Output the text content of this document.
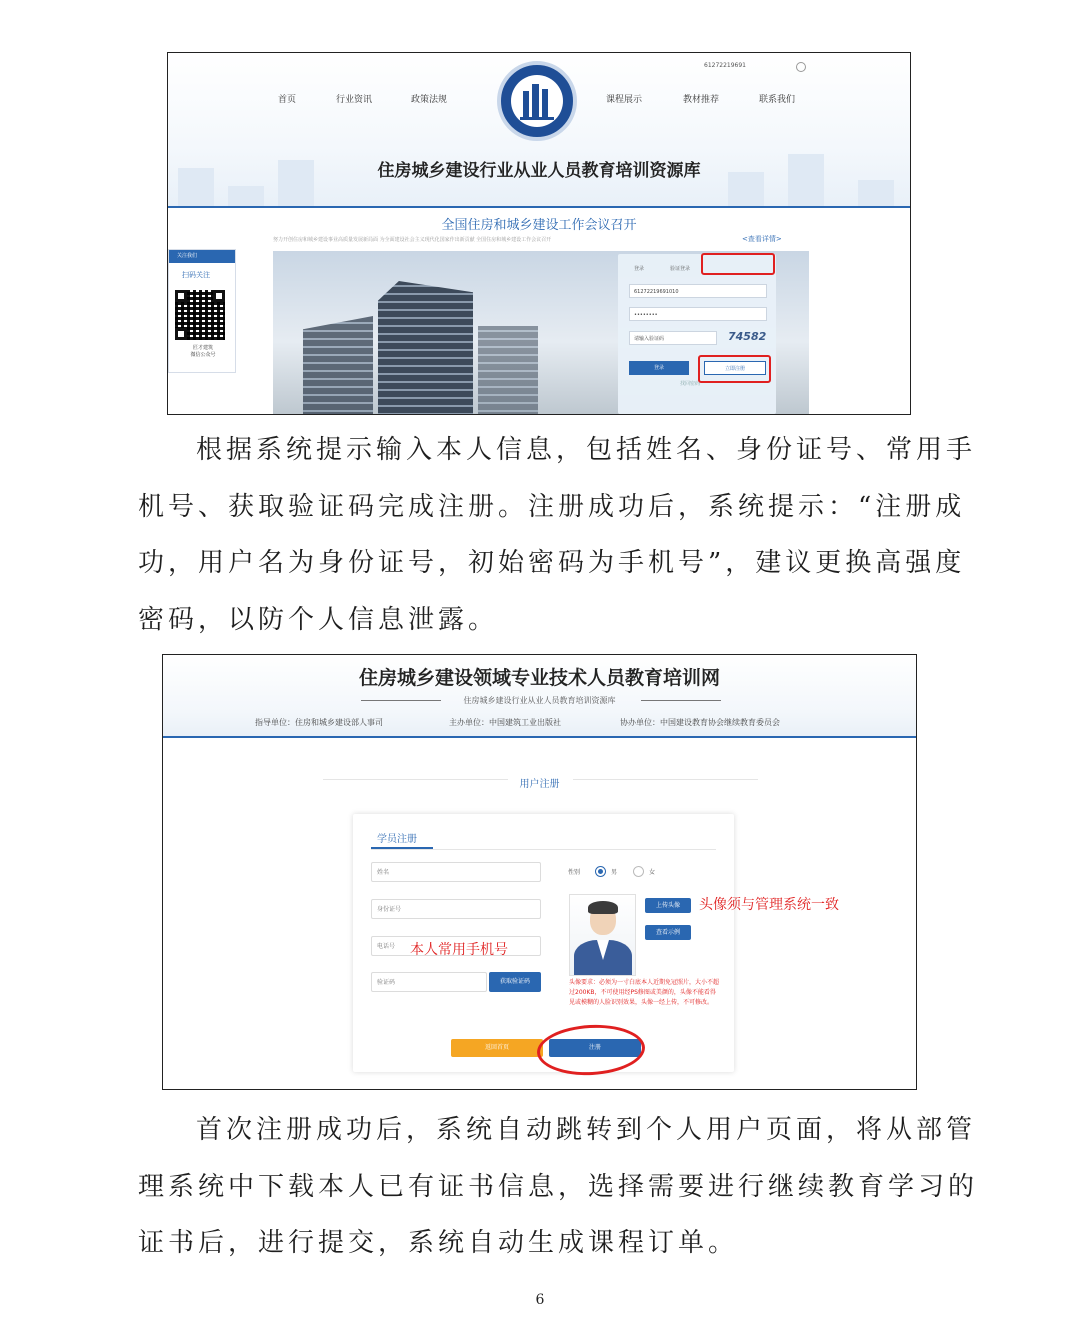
61272219691
首页	行业资讯	政策法规	课程展示	教材推荐	联系我们
住房城乡建设行业从业人员教育培训资源库
全国住房和城乡建设工作会议召开
努力开创住房和城乡建设事业高质量发展新局面 为全面建设社会主义现代化国家作出新贡献 全国住房和城乡建设工作会议召开	<查看详情>
关注我们
扫码关注
匠才建筑
微信公众号
登录	验证登录
61272219691010
••••••••
请输入验证码	74582
登录	立即注册
找回密码
根据系统提示输入本人信息，包括姓名、身份证号、常用手
机号、获取验证码完成注册。注册成功后，系统提示：“注册成
功，用户名为身份证号，初始密码为手机号”，建议更换高强度
密码，以防个人信息泄露。
住房城乡建设领域专业技术人员教育培训网
住房城乡建设行业从业人员教育培训资源库
指导单位：住房和城乡建设部人事司	主办单位：中国建筑工业出版社	协办单位：中国建设教育协会继续教育委员会
用户注册
学员注册
姓名
身份证号
电话号
验证码	获取验证码
性别	男	女
上传头像
查看示例
头像要求：必须为一寸白底本人近期免冠照片，大小不超过200KB，不可使用经PS修图或美颜的，头像不能看得见或模糊的人脸识别效果，头像一经上传，不可修改。
返回首页	注册
本人常用手机号
头像须与管理系统一致
首次注册成功后，系统自动跳转到个人用户页面，将从部管
理系统中下载本人已有证书信息，选择需要进行继续教育学习的
证书后，进行提交，系统自动生成课程订单。
6
